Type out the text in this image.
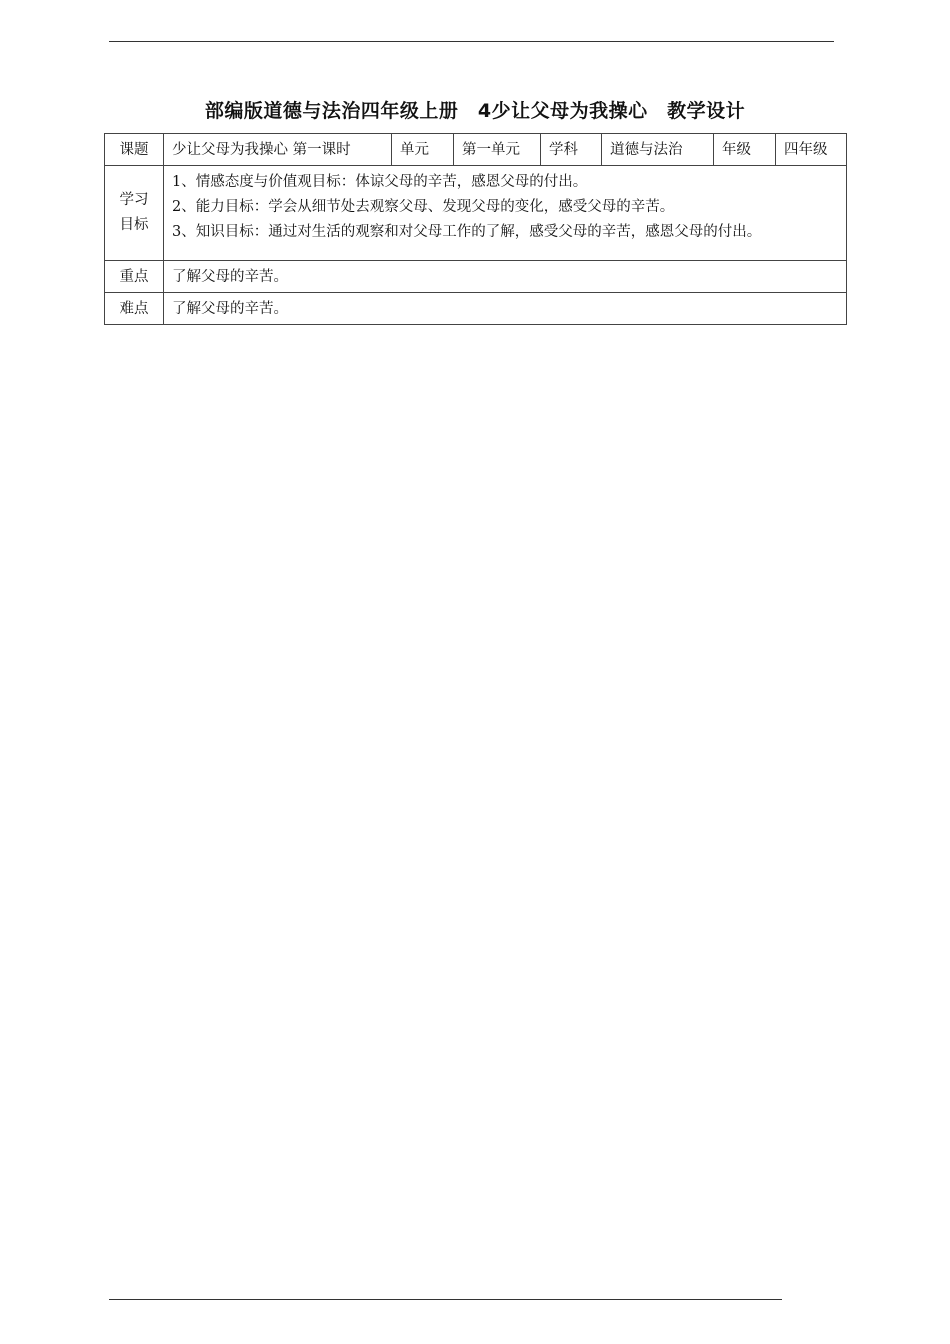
部编版道德与法治四年级上册　4少让父母为我操心　教学设计
课题	少让父母为我操心 第一课时	单元	第一单元	学科	道德与法治	年级	四年级

学习
目标	1、情感态度与价值观目标：体谅父母的辛苦，感恩父母的付出。
2、能力目标：学会从细节处去观察父母、发现父母的变化，感受父母的辛苦。
3、知识目标：通过对生活的观察和对父母工作的了解，感受父母的辛苦，感恩父母的付出。						

重点	了解父母的辛苦。						
难点	了解父母的辛苦。						
